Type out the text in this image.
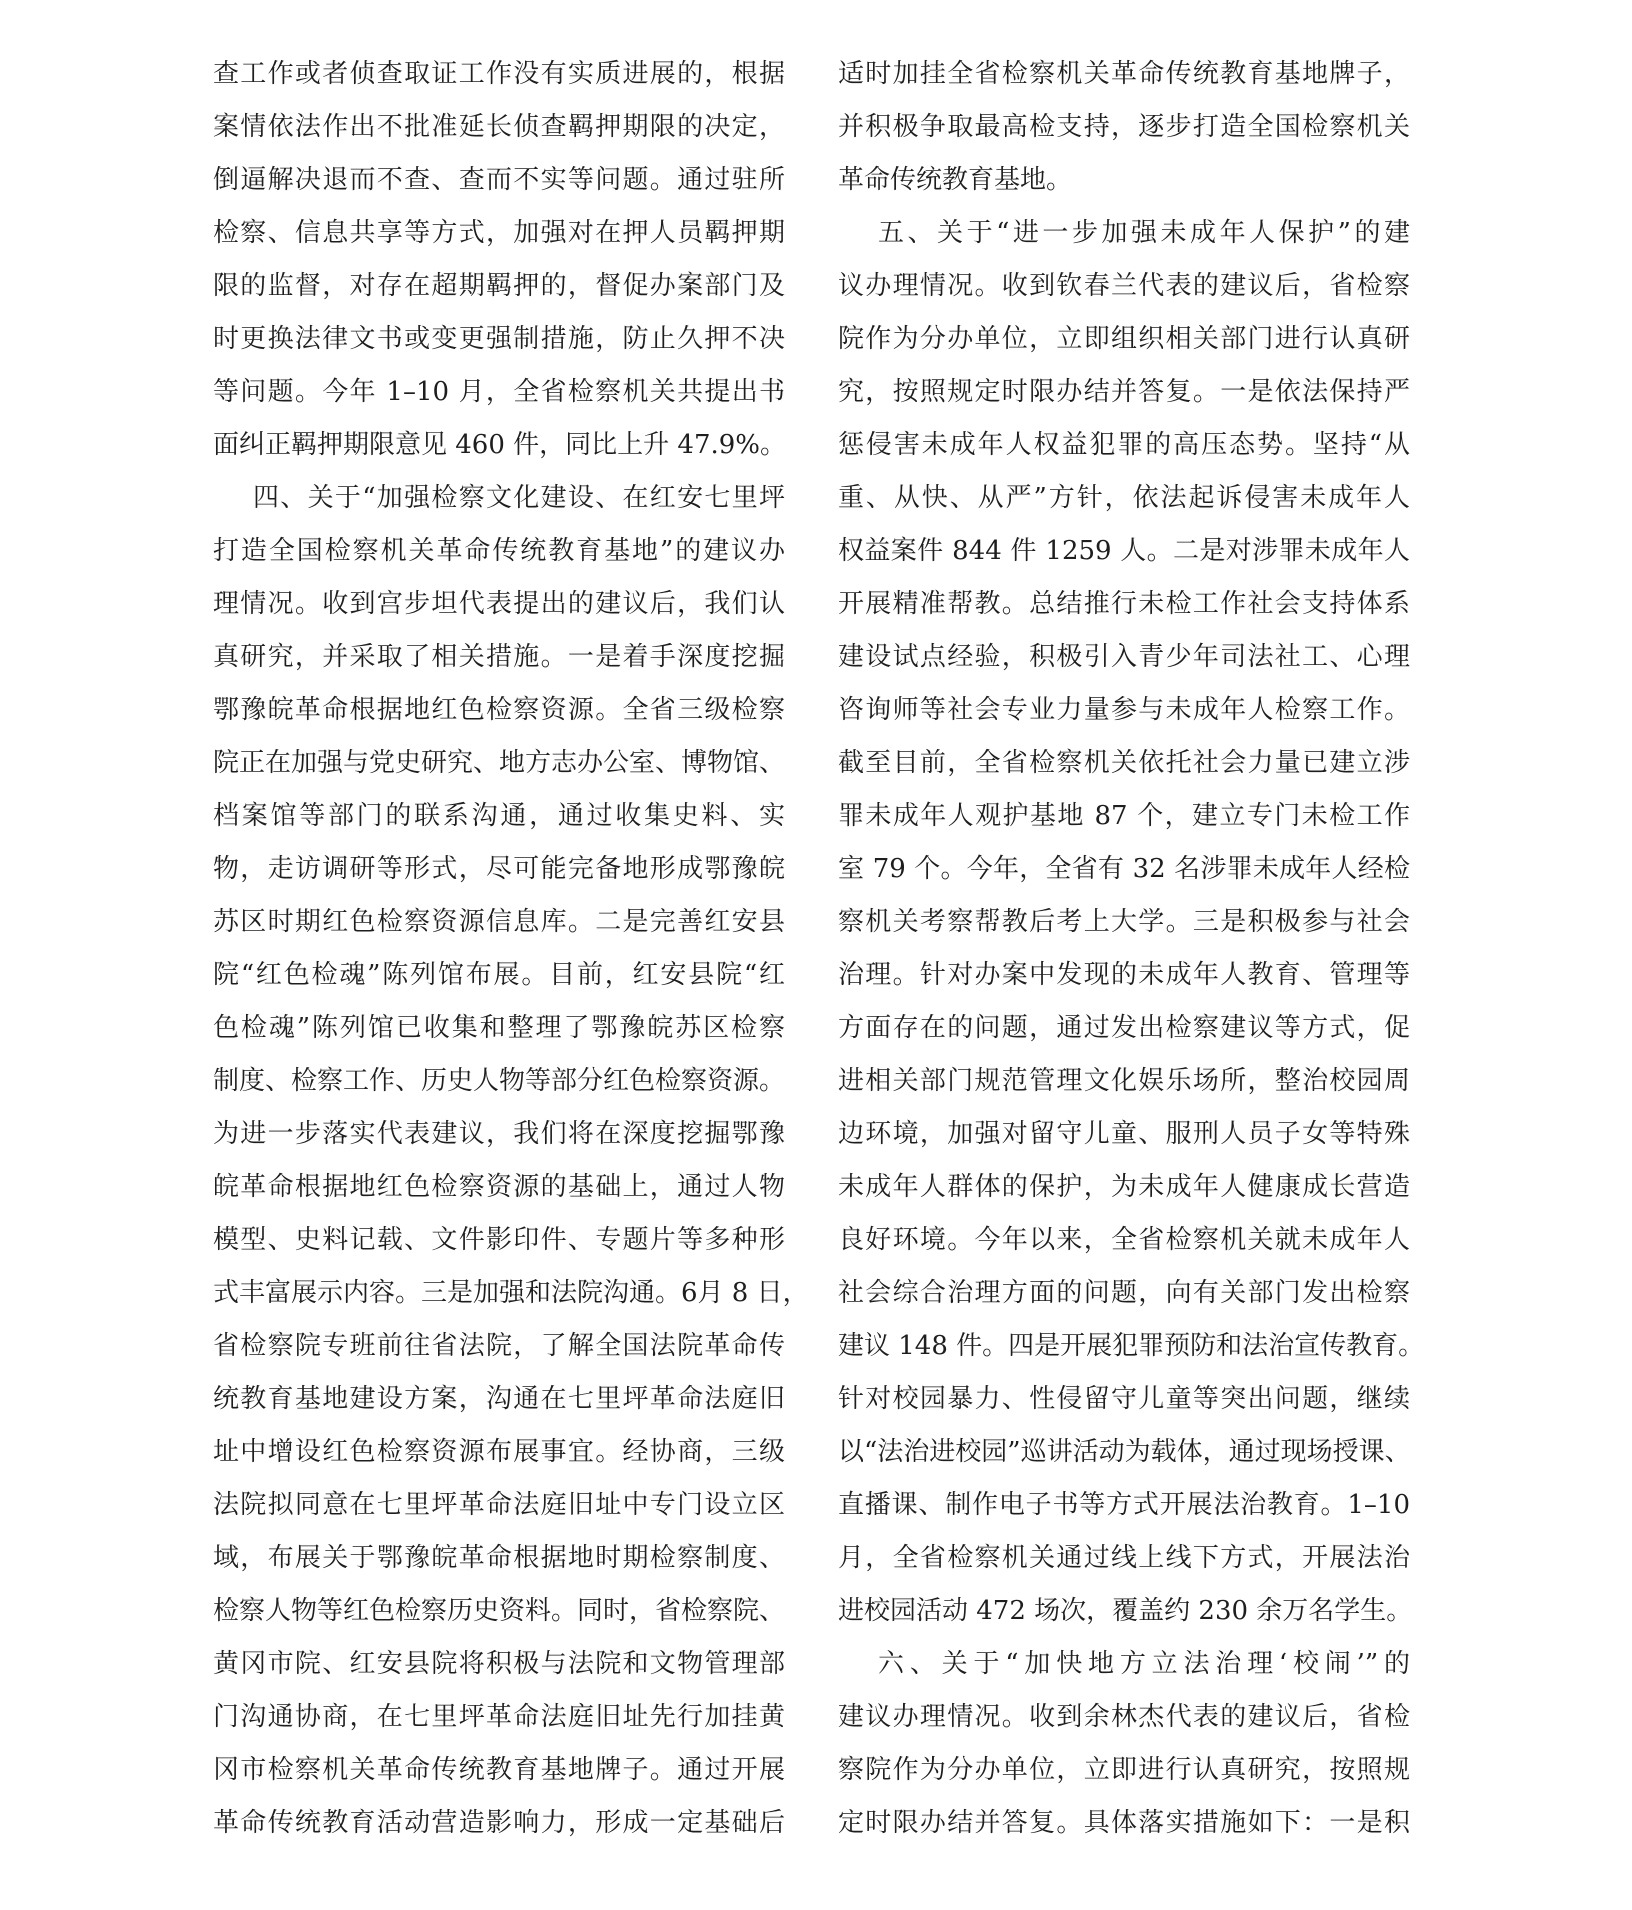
查工作或者侦查取证工作没有实质进展的，根据
案情依法作出不批准延长侦查羁押期限的决定，
倒逼解决退而不查、查而不实等问题。通过驻所
检察、信息共享等方式，加强对在押人员羁押期
限的监督，对存在超期羁押的，督促办案部门及
时更换法律文书或变更强制措施，防止久押不决
等问题。今年 1–10 月，全省检察机关共提出书
面纠正羁押期限意见 460 件，同比上升 47.9%。
四、关于“加强检察文化建设、在红安七里坪
打造全国检察机关革命传统教育基地”的建议办
理情况。收到宫步坦代表提出的建议后，我们认
真研究，并采取了相关措施。一是着手深度挖掘
鄂豫皖革命根据地红色检察资源。全省三级检察
院正在加强与党史研究、地方志办公室、博物馆、
档案馆等部门的联系沟通，通过收集史料、实
物，走访调研等形式，尽可能完备地形成鄂豫皖
苏区时期红色检察资源信息库。二是完善红安县
院“红色检魂”陈列馆布展。目前，红安县院“红
色检魂”陈列馆已收集和整理了鄂豫皖苏区检察
制度、检察工作、历史人物等部分红色检察资源。
为进一步落实代表建议，我们将在深度挖掘鄂豫
皖革命根据地红色检察资源的基础上，通过人物
模型、史料记载、文件影印件、专题片等多种形
式丰富展示内容。三是加强和法院沟通。6月 8 日，
省检察院专班前往省法院，了解全国法院革命传
统教育基地建设方案，沟通在七里坪革命法庭旧
址中增设红色检察资源布展事宜。经协商，三级
法院拟同意在七里坪革命法庭旧址中专门设立区
域，布展关于鄂豫皖革命根据地时期检察制度、
检察人物等红色检察历史资料。同时，省检察院、
黄冈市院、红安县院将积极与法院和文物管理部
门沟通协商，在七里坪革命法庭旧址先行加挂黄
冈市检察机关革命传统教育基地牌子。通过开展
革命传统教育活动营造影响力，形成一定基础后
适时加挂全省检察机关革命传统教育基地牌子，
并积极争取最高检支持，逐步打造全国检察机关
革命传统教育基地。
五、关于“进一步加强未成年人保护”的建
议办理情况。收到钦春兰代表的建议后，省检察
院作为分办单位，立即组织相关部门进行认真研
究，按照规定时限办结并答复。一是依法保持严
惩侵害未成年人权益犯罪的高压态势。坚持“从
重、从快、从严”方针，依法起诉侵害未成年人
权益案件 844 件 1259 人。二是对涉罪未成年人
开展精准帮教。总结推行未检工作社会支持体系
建设试点经验，积极引入青少年司法社工、心理
咨询师等社会专业力量参与未成年人检察工作。
截至目前，全省检察机关依托社会力量已建立涉
罪未成年人观护基地 87 个，建立专门未检工作
室 79 个。今年，全省有 32 名涉罪未成年人经检
察机关考察帮教后考上大学。三是积极参与社会
治理。针对办案中发现的未成年人教育、管理等
方面存在的问题，通过发出检察建议等方式，促
进相关部门规范管理文化娱乐场所，整治校园周
边环境，加强对留守儿童、服刑人员子女等特殊
未成年人群体的保护，为未成年人健康成长营造
良好环境。今年以来，全省检察机关就未成年人
社会综合治理方面的问题，向有关部门发出检察
建议 148 件。四是开展犯罪预防和法治宣传教育。
针对校园暴力、性侵留守儿童等突出问题，继续
以“法治进校园”巡讲活动为载体，通过现场授课、
直播课、制作电子书等方式开展法治教育。1–10
月，全省检察机关通过线上线下方式，开展法治
进校园活动 472 场次，覆盖约 230 余万名学生。
六、关于“加快地方立法治理‘校闹’”的
建议办理情况。收到余林杰代表的建议后，省检
察院作为分办单位，立即进行认真研究，按照规
定时限办结并答复。具体落实措施如下：一是积
